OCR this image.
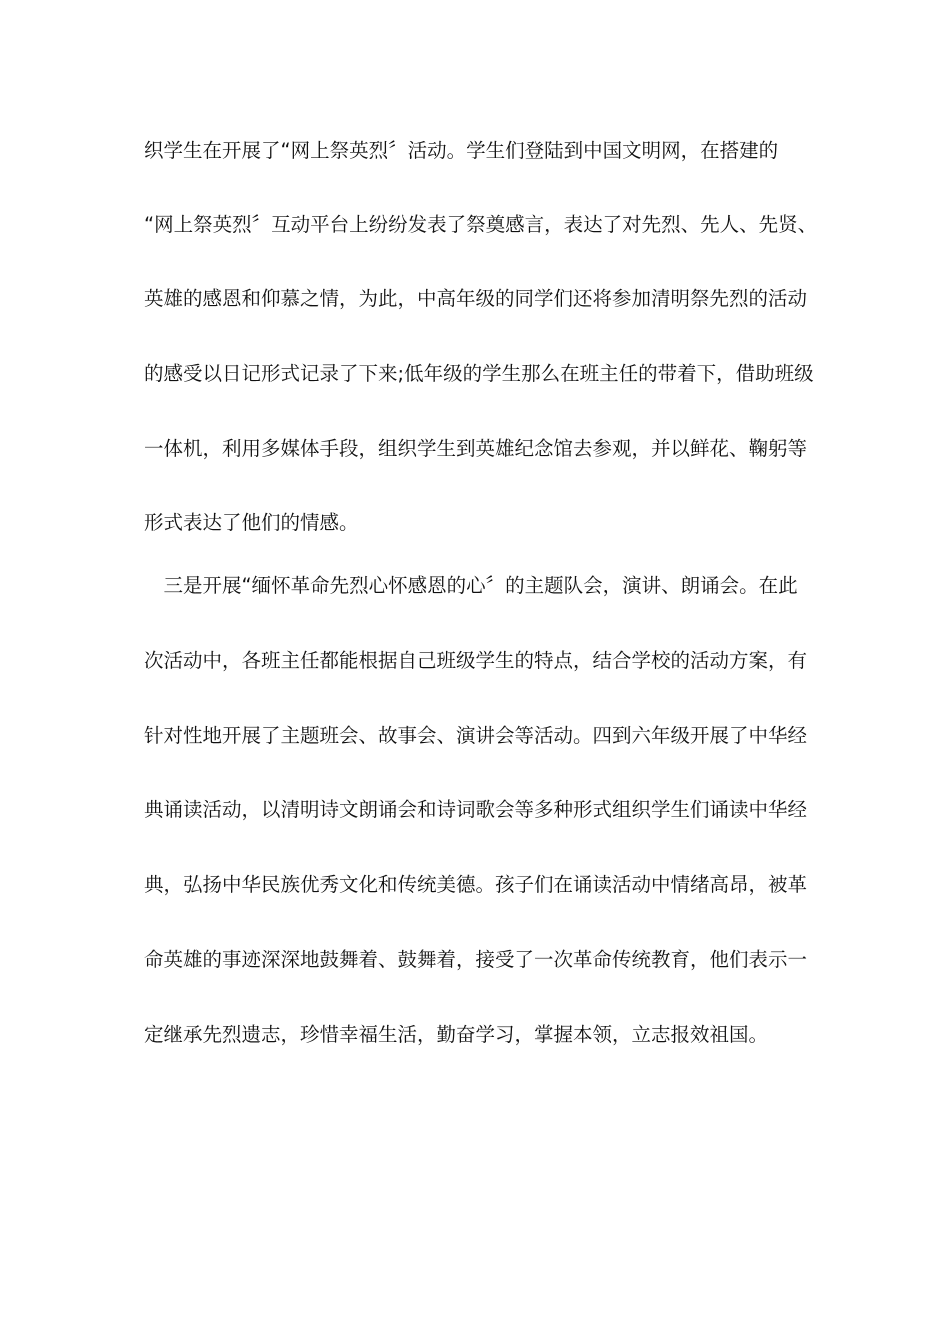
织学生在开展了“网上祭英烈〞活动。学生们登陆到中国文明网，在搭建的
“网上祭英烈〞互动平台上纷纷发表了祭奠感言，表达了对先烈、先人、先贤、
英雄的感恩和仰慕之情，为此，中高年级的同学们还将参加清明祭先烈的活动
的感受以日记形式记录了下来;低年级的学生那么在班主任的带着下，借助班级
一体机，利用多媒体手段，组织学生到英雄纪念馆去参观，并以鲜花、鞠躬等
形式表达了他们的情感。
　三是开展“缅怀革命先烈心怀感恩的心〞的主题队会，演讲、朗诵会。在此
次活动中，各班主任都能根据自己班级学生的特点，结合学校的活动方案，有
针对性地开展了主题班会、故事会、演讲会等活动。四到六年级开展了中华经
典诵读活动，以清明诗文朗诵会和诗词歌会等多种形式组织学生们诵读中华经
典，弘扬中华民族优秀文化和传统美德。孩子们在诵读活动中情绪高昂，被革
命英雄的事迹深深地鼓舞着、鼓舞着，接受了一次革命传统教育，他们表示一
定继承先烈遗志，珍惜幸福生活，勤奋学习，掌握本领，立志报效祖国。
